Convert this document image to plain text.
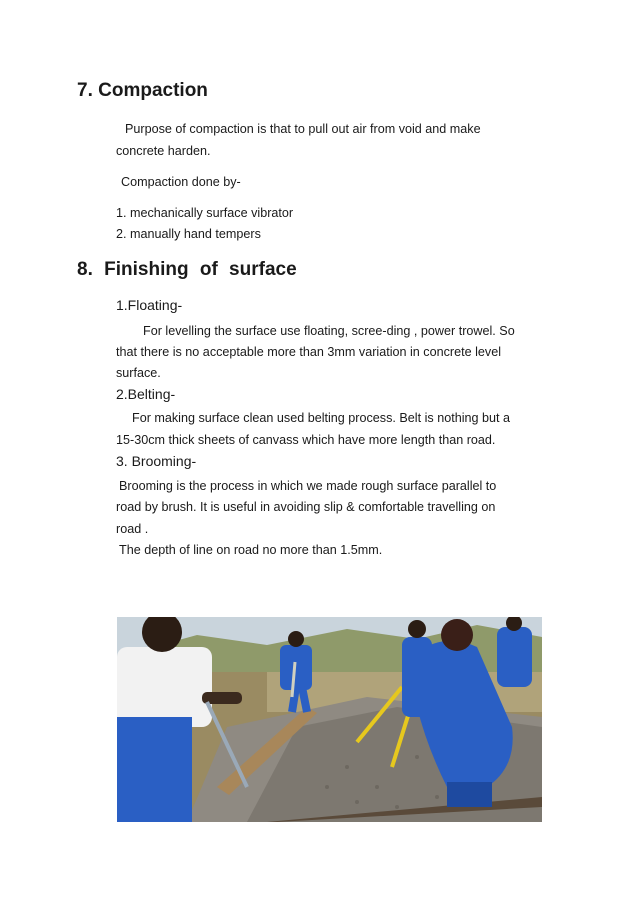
7. Compaction

Purpose of compaction is that to pull out air from void and make

concrete harden.

Compaction done by-

1. mechanically surface vibrator

2. manually hand tempers

8. Finishing of surface

1.Floating-

For levelling the surface use floating, scree-ding , power trowel. So

that there is no acceptable more than 3mm variation in concrete level

surface.

2.Belting-

For making surface clean used belting process. Belt is nothing but a

15-30cm thick sheets of canvass which have more length than road.

3. Brooming-

Brooming is the process in which we made rough surface parallel to

road by brush. It is useful in avoiding slip & comfortable travelling on

road .

The depth of line on road no more than 1.5mm.
